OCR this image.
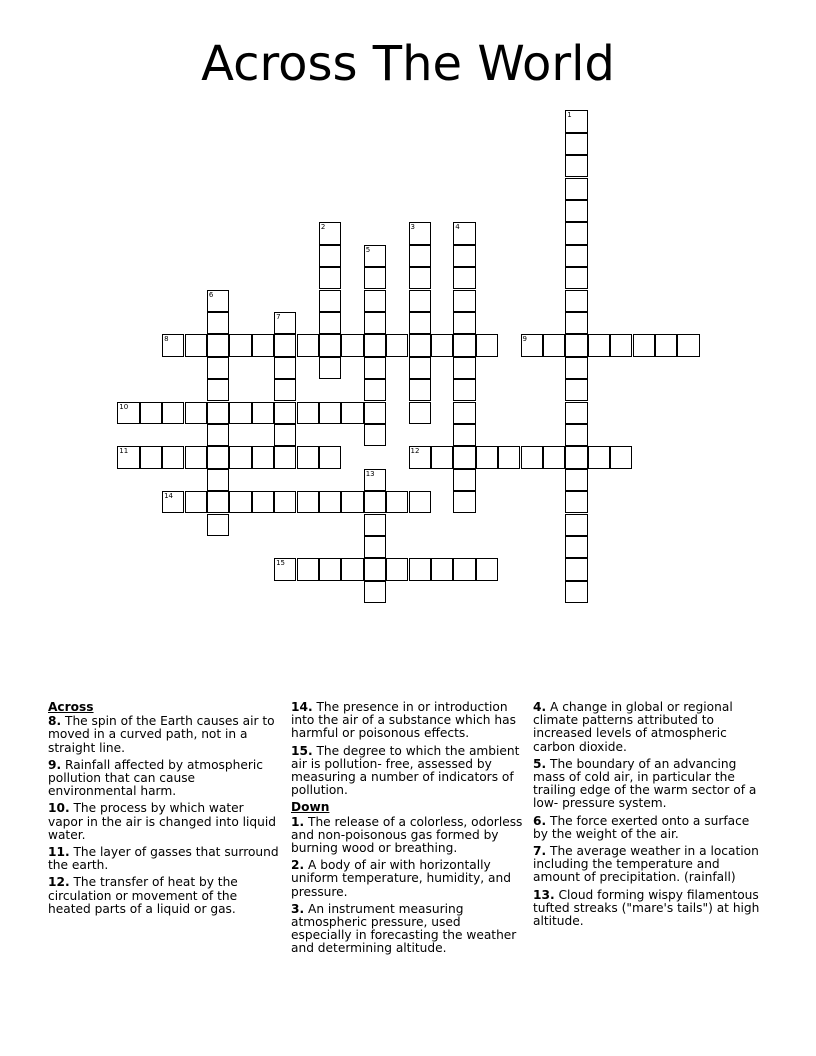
Across The World
8	9
10
11	12
14
15
1
2	3	4
5
6
7
13
Across
8. The spin of the Earth causes air to moved in a curved path, not in a straight line.
9. Rainfall affected by atmospheric pollution that can cause environmental harm.
10. The process by which water vapor in the air is changed into liquid water.
11. The layer of gasses that surround the earth.
12. The transfer of heat by the circulation or movement of the heated parts of a liquid or gas.
14. The presence in or introduction into the air of a substance which has harmful or poisonous effects.
15. The degree to which the ambient air is pollution- free, assessed by measuring a number of indicators of pollution.
Down
1. The release of a colorless, odorless and non-poisonous gas formed by burning wood or breathing.
2. A body of air with horizontally uniform temperature, humidity, and pressure.
3. An instrument measuring atmospheric pressure, used especially in forecasting the weather and determining altitude.
4. A change in global or regional climate patterns attributed to increased levels of atmospheric carbon dioxide.
5. The boundary of an advancing mass of cold air, in particular the trailing edge of the warm sector of a low- pressure system.
6. The force exerted onto a surface by the weight of the air.
7. The average weather in a location including the temperature and amount of precipitation. (rainfall)
13. Cloud forming wispy filamentous tufted streaks ("mare's tails") at high altitude.
